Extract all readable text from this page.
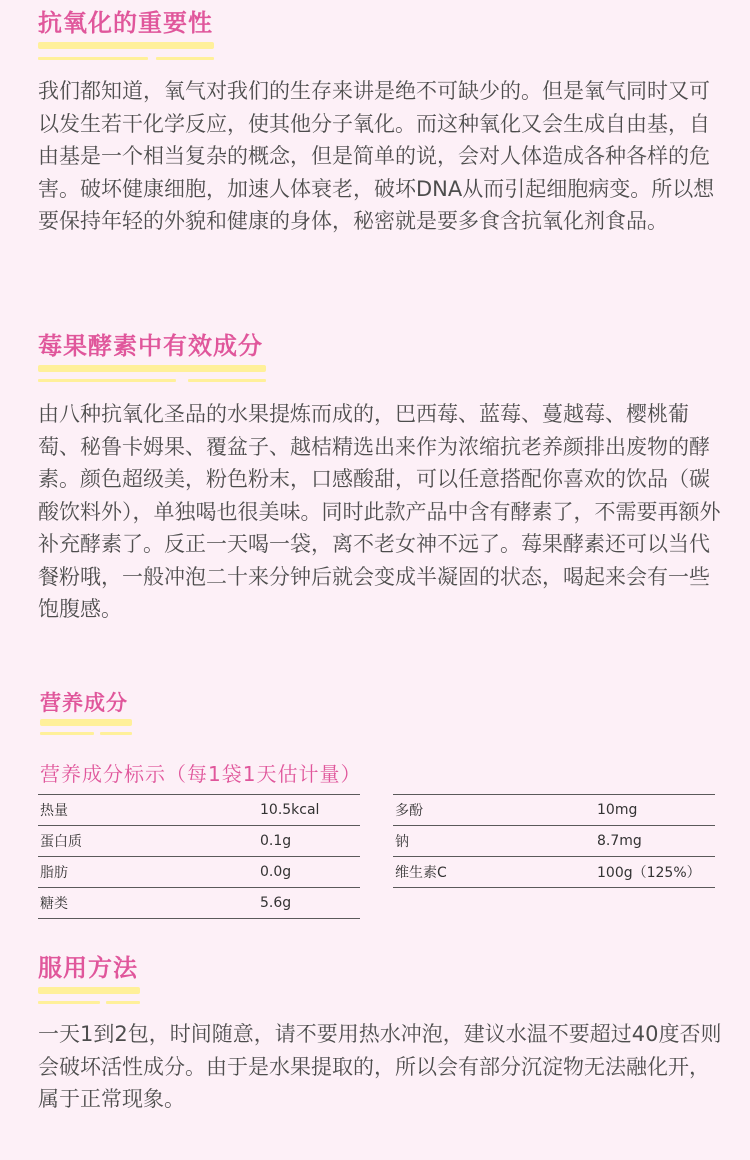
抗氧化的重要性

我们都知道，氧气对我们的生存来讲是绝不可缺少的。但是氧气同时又可以发生若干化学反应，使其他分子氧化。而这种氧化又会生成自由基，自由基是一个相当复杂的概念，但是简单的说，会对人体造成各种各样的危害。破坏健康细胞，加速人体衰老，破坏DNA从而引起细胞病变。所以想要保持年轻的外貌和健康的身体，秘密就是要多食含抗氧化剂食品。

莓果酵素中有效成分

由八种抗氧化圣品的水果提炼而成的，巴西莓、蓝莓、蔓越莓、樱桃葡萄、秘鲁卡姆果、覆盆子、越桔精选出来作为浓缩抗老养颜排出废物的酵素。颜色超级美，粉色粉末，口感酸甜，可以任意搭配你喜欢的饮品（碳酸饮料外），单独喝也很美味。同时此款产品中含有酵素了，不需要再额外补充酵素了。反正一天喝一袋，离不老女神不远了。莓果酵素还可以当代餐粉哦，一般冲泡二十来分钟后就会变成半凝固的状态，喝起来会有一些饱腹感。

营养成分
营养成分标示（每1袋1天估计量）
热量	10.5kcal
蛋白质	0.1g
脂肪	0.0g
糖类	5.6g
多酚	10mg
钠	8.7mg
维生素C	100g（125%）
服用方法

一天1到2包，时间随意，请不要用热水冲泡，建议水温不要超过40度否则会破坏活性成分。由于是水果提取的，所以会有部分沉淀物无法融化开，属于正常现象。
